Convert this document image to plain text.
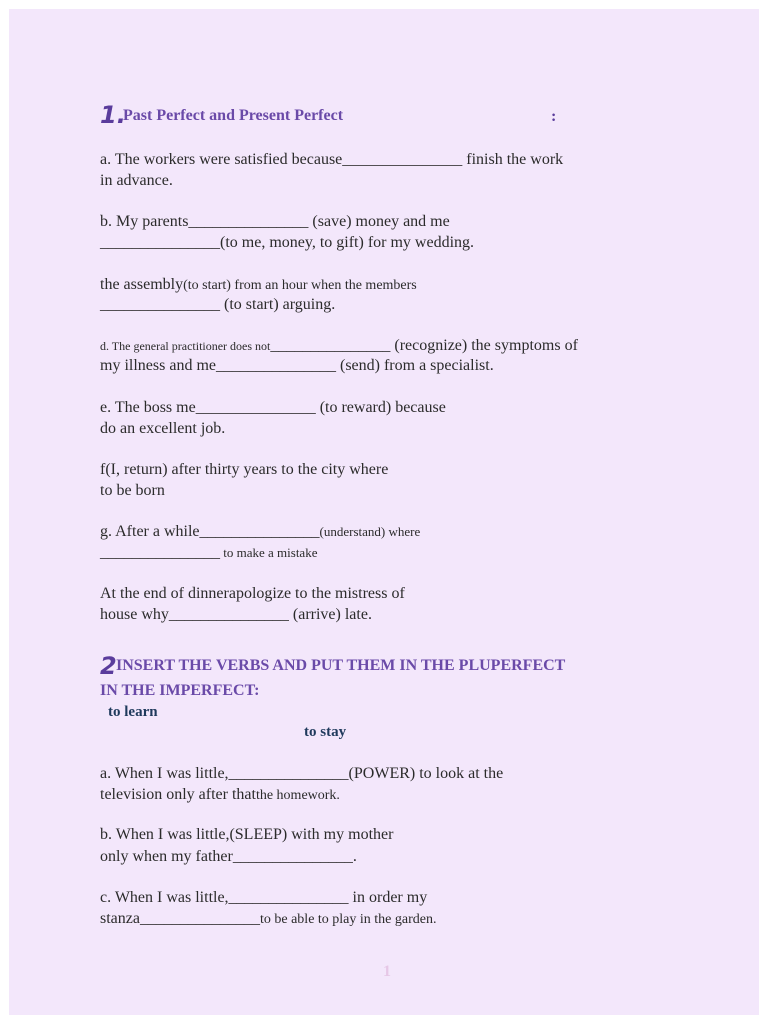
1.
Past Perfect and Present Perfect	:
a. The workers were satisfied because_______________ finish the work
in advance.
b. My parents_______________ (save) money and me
_______________(to me, money, to gift) for my wedding.
the assembly(to start) from an hour when the members
_______________ (to start) arguing.
d. The general practitioner does not_______________ (recognize) the symptoms of
my illness and me_______________ (send) from a specialist.
e. The boss me_______________ (to reward) because
do an excellent job.
f(I, return) after thirty years to the city where
to be born
g. After a while_______________(understand) where
_______________ to make a mistake
At the end of dinnerapologize to the mistress of
house why_______________ (arrive) late.
2 INSERT THE VERBS AND PUT THEM IN THE PLUPERFECT
IN THE IMPERFECT:
to learn
to stay
a. When I was little,_______________(POWER) to look at the
television only after thatthe homework.
b. When I was little,(SLEEP) with my mother
only when my father_______________.
c. When I was little,_______________ in order my
stanza_______________to be able to play in the garden.
1
